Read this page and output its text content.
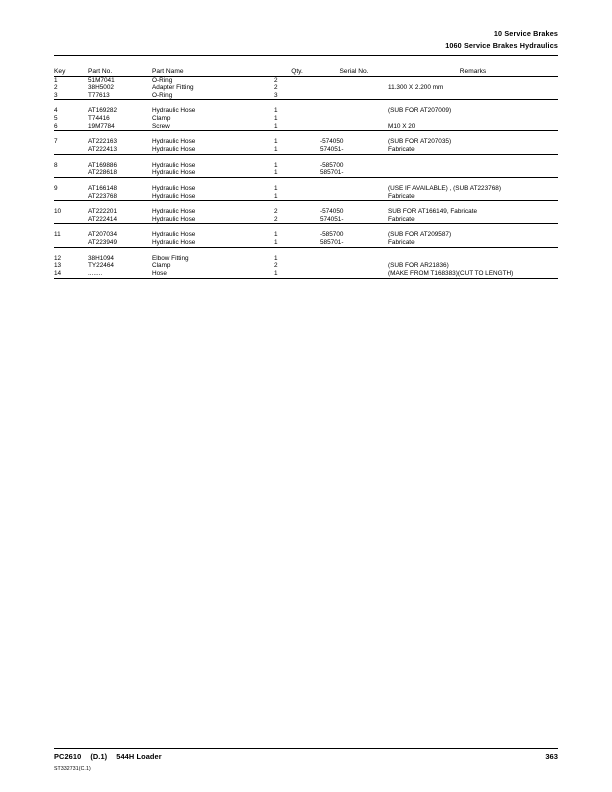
10 Service Brakes
1060 Service Brakes Hydraulics
Key	Part No.	Part Name	Qty.	Serial No.	Remarks

1	51M7041	O-Ring	2		
2	38H5002	Adapter Fitting	2		11.300 X 2.200 mm
3	T77613	O-Ring	3		

4	AT169282	Hydraulic Hose	1		(SUB FOR AT207009)
5	T74416	Clamp	1		
6	19M7784	Screw	1		M10 X 20

7	AT222163	Hydraulic Hose	1	-574050	(SUB FOR AT207035)
	AT222413	Hydraulic Hose	1	574051-	Fabricate

8	AT169886	Hydraulic Hose	1	-585700	
	AT228618	Hydraulic Hose	1	585701-	

9	AT166148	Hydraulic Hose	1		(USE IF AVAILABLE) , (SUB AT223768)
	AT223768	Hydraulic Hose	1		Fabricate

10	AT222201	Hydraulic Hose	2	-574050	SUB FOR AT166149, Fabricate
	AT222414	Hydraulic Hose	2	574051-	Fabricate

11	AT207034	Hydraulic Hose	1	-585700	(SUB FOR AT209587)
	AT223949	Hydraulic Hose	1	585701-	Fabricate

12	38H1094	Elbow Fitting	1		
13	TY22464	Clamp	2		(SUB FOR AR21836)
14	........	Hose	1		(MAKE FROM T168383)(CUT TO LENGTH)

PC2610 (D.1) 544H Loader
ST332731(C.1)
363
